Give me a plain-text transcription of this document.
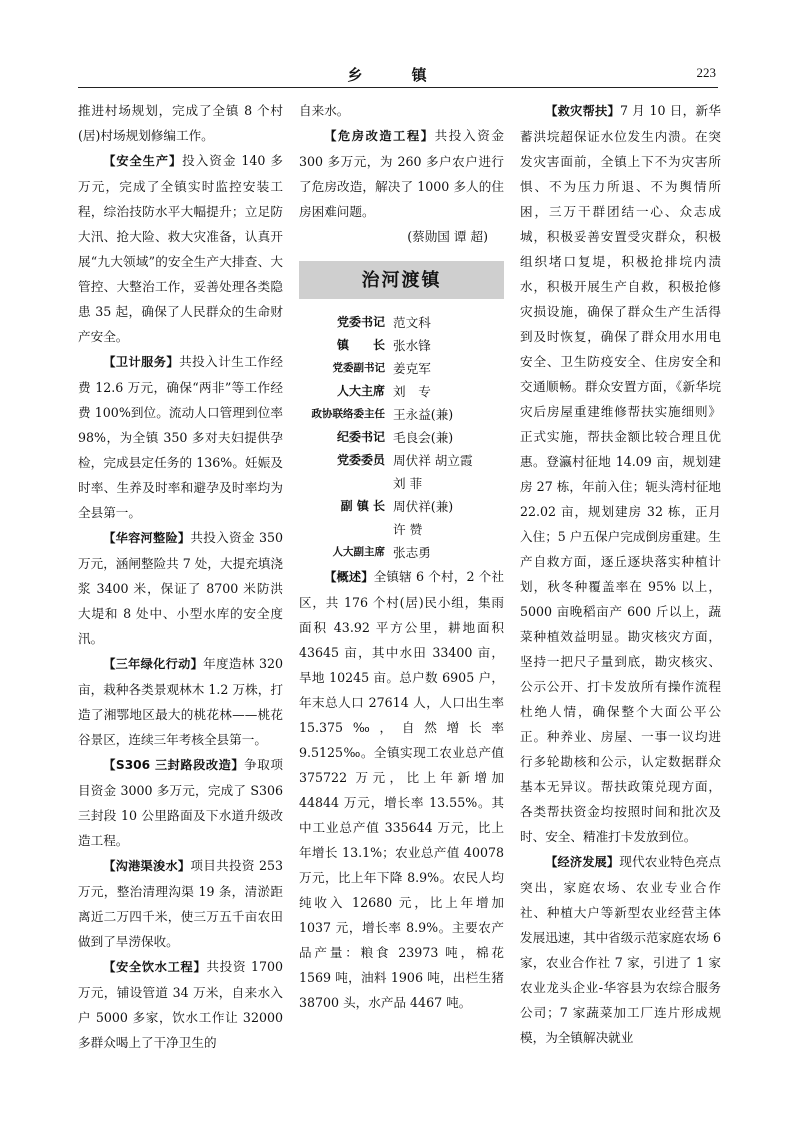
乡 镇	223

推进村场规划，完成了全镇 8 个村(居)村场规划修编工作。

【安全生产】投入资金 140 多万元，完成了全镇实时监控安装工程，综治技防水平大幅提升；立足防大汛、抢大险、救大灾准备，认真开展“九大领域”的安全生产大排查、大管控、大整治工作，妥善处理各类隐患 35 起，确保了人民群众的生命财产安全。

【卫计服务】共投入计生工作经费 12.6 万元，确保“两非”等工作经费 100%到位。流动人口管理到位率 98%，为全镇 350 多对夫妇提供孕检，完成县定任务的 136%。妊娠及时率、生养及时率和避孕及时率均为全县第一。

【华容河整险】共投入资金 350 万元，涵闸整险共 7 处，大提充填浇浆 3400 米，保证了 8700 米防洪大堤和 8 处中、小型水库的安全度汛。

【三年绿化行动】年度造林 320 亩，栽种各类景观林木 1.2 万株，打造了湘鄂地区最大的桃花林——桃花谷景区，连续三年考核全县第一。

【S306 三封路段改造】争取项目资金 3000 多万元，完成了 S306 三封段 10 公里路面及下水道升级改造工程。

【沟港渠浚水】项目共投资 253 万元，整治清理沟渠 19 条，清淤距离近二万四千米，使三万五千亩农田做到了旱涝保收。

【安全饮水工程】共投资 1700 万元，铺设管道 34 万米，自来水入户 5000 多家，饮水工作让 32000 多群众喝上了干净卫生的

自来水。

【危房改造工程】共投入资金 300 多万元，为 260 多户农户进行了危房改造，解决了 1000 多人的住房困难问题。

(蔡勋国 谭 超)

治河渡镇
党委书记 范文科
镇　　长 张水锋
党委副书记 姜克军
人大主席 刘　专
政协联络委主任 王永益(兼)
纪委书记 毛良会(兼)
党委委员 周伏祥 胡立霞
刘 菲
副 镇 长 周伏祥(兼)
许 赞
人大副主席 张志勇

【概述】全镇辖 6 个村，2 个社区，共 176 个村(居)民小组，集雨面积 43.92 平方公里，耕地面积 43645 亩，其中水田 33400 亩，旱地 10245 亩。总户数 6905 户，年末总人口 27614 人，人口出生率 15.375‰，自然增长率 9.5125‰。全镇实现工农业总产值 375722 万元，比上年新增加 44844 万元，增长率 13.55%。其中工业总产值 335644 万元，比上年增长 13.1%；农业总产值 40078 万元，比上年下降 8.9%。农民人均纯收入 12680 元，比上年增加 1037 元，增长率 8.9%。主要农产品产量：粮食 23973 吨，棉花 1569 吨，油料 1906 吨，出栏生猪 38700 头，水产品 4467 吨。

【救灾帮扶】7 月 10 日，新华蓄洪垸超保证水位发生内溃。在突发灾害面前，全镇上下不为灾害所惧、不为压力所退、不为舆情所困，三万干群团结一心、众志成城，积极妥善安置受灾群众，积极组织堵口复堤，积极抢排垸内渍水，积极开展生产自救，积极抢修灾损设施，确保了群众生产生活得到及时恢复，确保了群众用水用电安全、卫生防疫安全、住房安全和交通顺畅。群众安置方面，《新华垸灾后房屋重建维修帮扶实施细则》正式实施，帮扶金额比较合理且优惠。登瀛村征地 14.09 亩，规划建房 27 栋，年前入住；轭头湾村征地 22.02 亩，规划建房 32 栋，正月入住；5 户五保户完成倒房重建。生产自救方面，逐丘逐块落实种植计划，秋冬种覆盖率在 95% 以上，5000 亩晚稻亩产 600 斤以上，蔬菜种植效益明显。勘灾核灾方面，坚持一把尺子量到底，勘灾核灾、公示公开、打卡发放所有操作流程杜绝人情，确保整个大面公平公正。种养业、房屋、一事一议均进行多轮勘核和公示，认定数据群众基本无异议。帮扶政策兑现方面，各类帮扶资金均按照时间和批次及时、安全、精准打卡发放到位。

【经济发展】现代农业特色亮点突出，家庭农场、农业专业合作社、种植大户等新型农业经营主体发展迅速，其中省级示范家庭农场 6 家，农业合作社 7 家，引进了 1 家农业龙头企业-华容县为农综合服务公司；7 家蔬菜加工厂连片形成规模，为全镇解决就业
